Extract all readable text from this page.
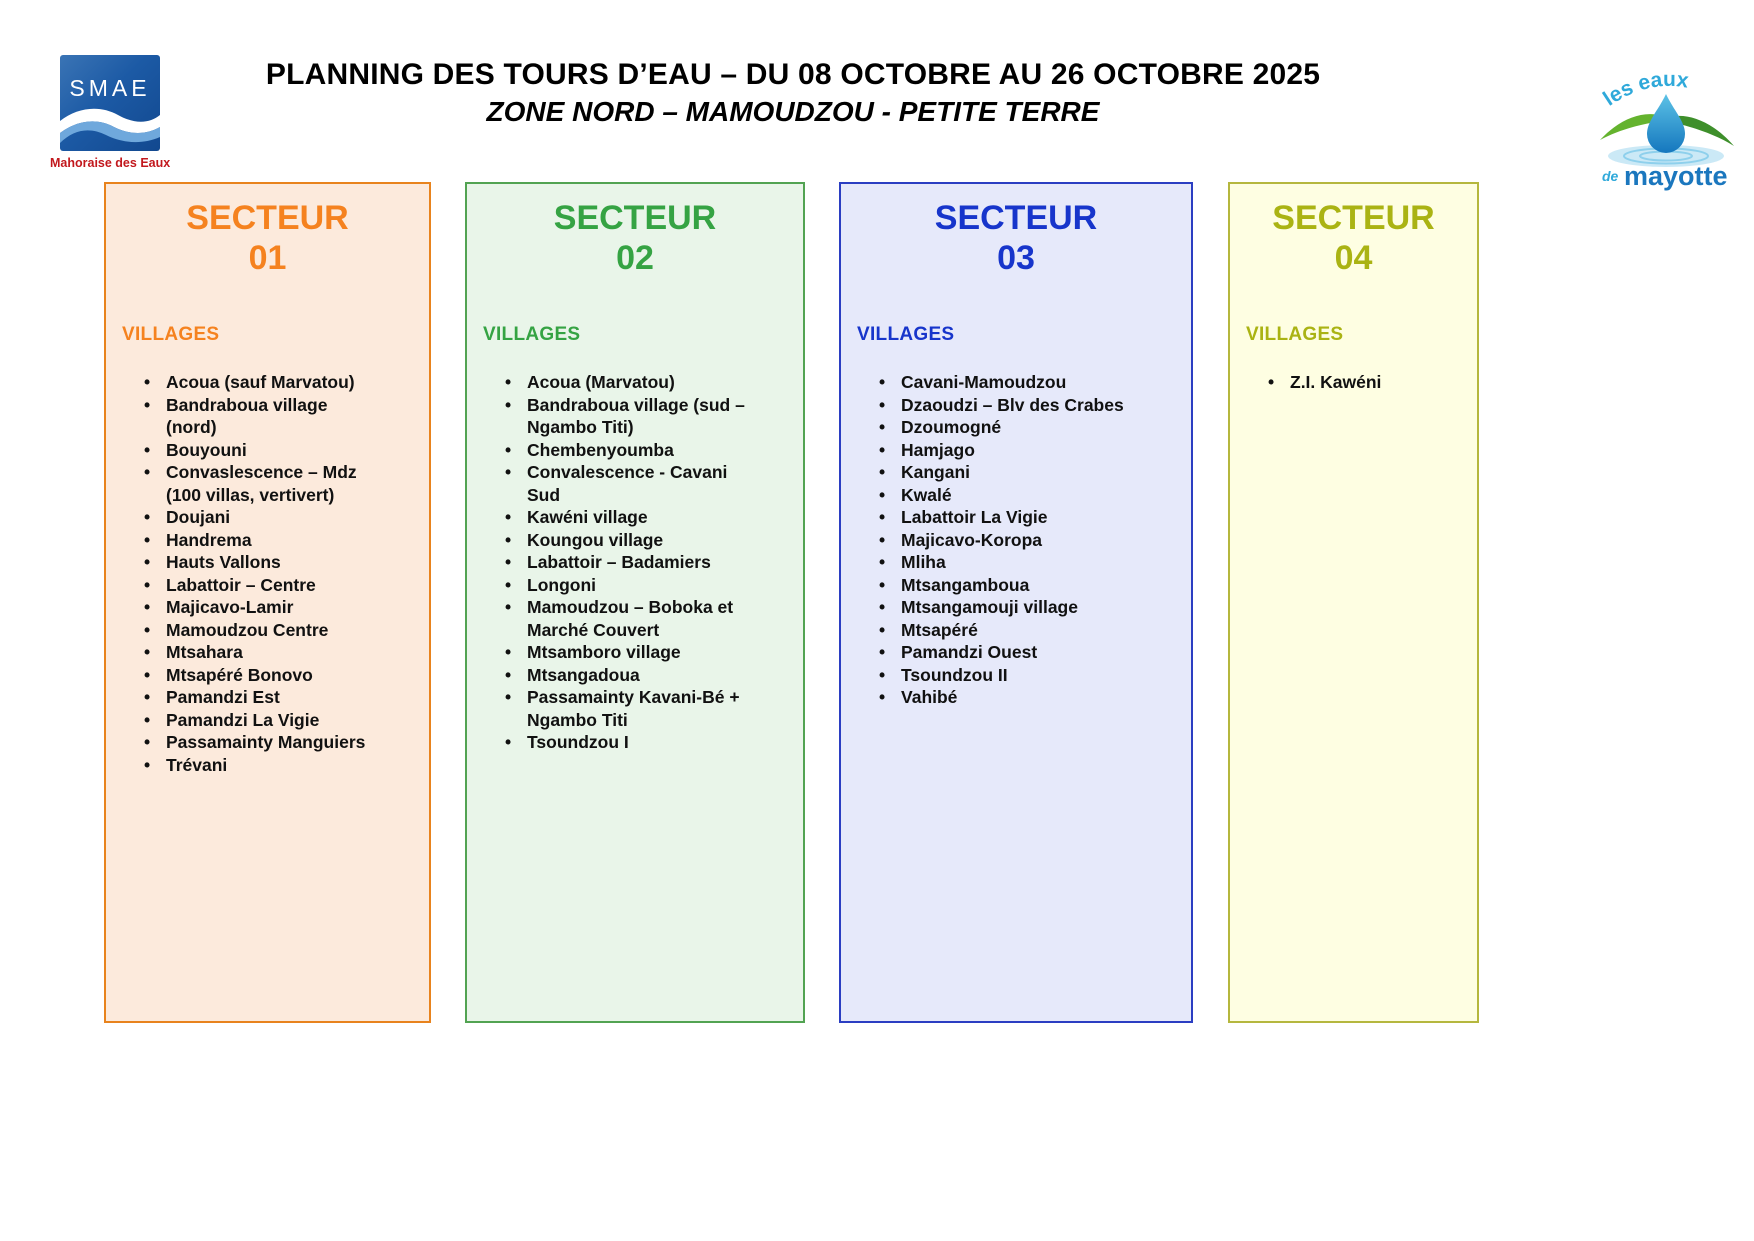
SMAE
Mahoraise des Eaux
PLANNING DES TOURS D’EAU – DU 08 OCTOBRE AU 26 OCTOBRE 2025
ZONE NORD – MAMOUDZOU - PETITE TERRE	les eaux
de mayotte
SECTEUR
01
VILLAGES
• Acoua (sauf Marvatou)
• Bandraboua village (nord)
• Bouyouni
• Convaslescence – Mdz (100 villas, vertivert)
• Doujani
• Handrema
• Hauts Vallons
• Labattoir – Centre
• Majicavo-Lamir
• Mamoudzou Centre
• Mtsahara
• Mtsapéré Bonovo
• Pamandzi Est
• Pamandzi La Vigie
• Passamainty Manguiers
• Trévani
SECTEUR
02
VILLAGES
• Acoua (Marvatou)
• Bandraboua village (sud – Ngambo Titi)
• Chembenyoumba
• Convalescence - Cavani Sud
• Kawéni village
• Koungou village
• Labattoir – Badamiers
• Longoni
• Mamoudzou – Boboka et Marché Couvert
• Mtsamboro village
• Mtsangadoua
• Passamainty Kavani-Bé + Ngambo Titi
• Tsoundzou I
SECTEUR
03
VILLAGES
• Cavani-Mamoudzou
• Dzaoudzi – Blv des Crabes
• Dzoumogné
• Hamjago
• Kangani
• Kwalé
• Labattoir La Vigie
• Majicavo-Koropa
• Mliha
• Mtsangamboua
• Mtsangamouji village
• Mtsapéré
• Pamandzi Ouest
• Tsoundzou II
• Vahibé
SECTEUR
04
VILLAGES
• Z.I. Kawéni
